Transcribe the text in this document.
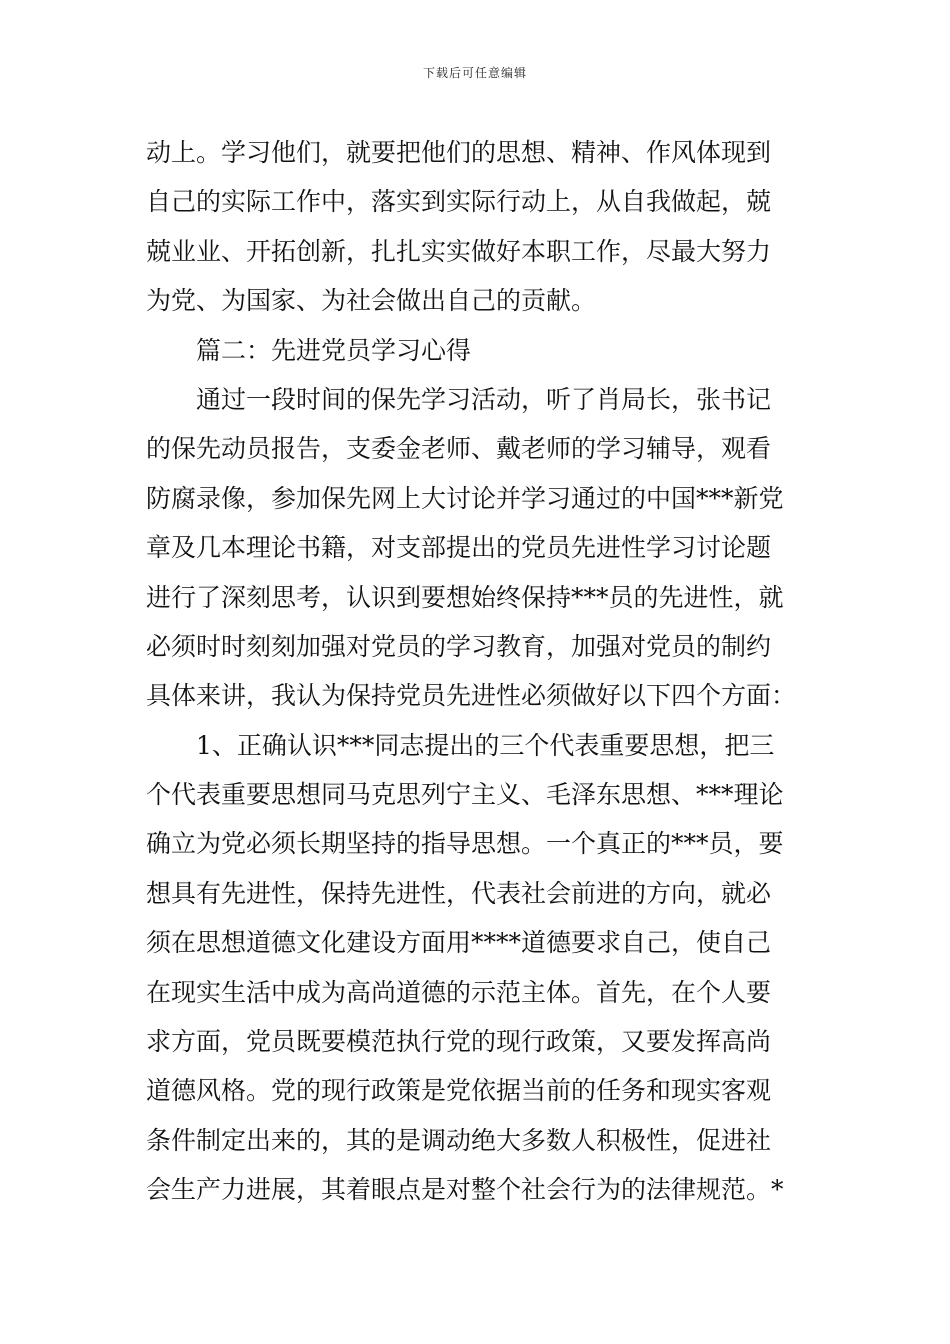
下载后可任意编辑
动上。学习他们，就要把他们的思想、精神、作风体现到
自己的实际工作中，落实到实际行动上，从自我做起，兢
兢业业、开拓创新，扎扎实实做好本职工作，尽最大努力
为党、为国家、为社会做出自己的贡献。
篇二：先进党员学习心得
通过一段时间的保先学习活动，听了肖局长，张书记
的保先动员报告，支委金老师、戴老师的学习辅导，观看
防腐录像，参加保先网上大讨论并学习通过的中国***新党
章及几本理论书籍，对支部提出的党员先进性学习讨论题
进行了深刻思考，认识到要想始终保持***员的先进性，就
必须时时刻刻加强对党员的学习教育，加强对党员的制约
具体来讲，我认为保持党员先进性必须做好以下四个方面：
1、正确认识***同志提出的三个代表重要思想，把三
个代表重要思想同马克思列宁主义、毛泽东思想、***理论
确立为党必须长期坚持的指导思想。一个真正的***员，要
想具有先进性，保持先进性，代表社会前进的方向，就必
须在思想道德文化建设方面用****道德要求自己，使自己
在现实生活中成为高尚道德的示范主体。首先，在个人要
求方面，党员既要模范执行党的现行政策，又要发挥高尚
道德风格。党的现行政策是党依据当前的任务和现实客观
条件制定出来的，其的是调动绝大多数人积极性，促进社
会生产力进展，其着眼点是对整个社会行为的法律规范。*
